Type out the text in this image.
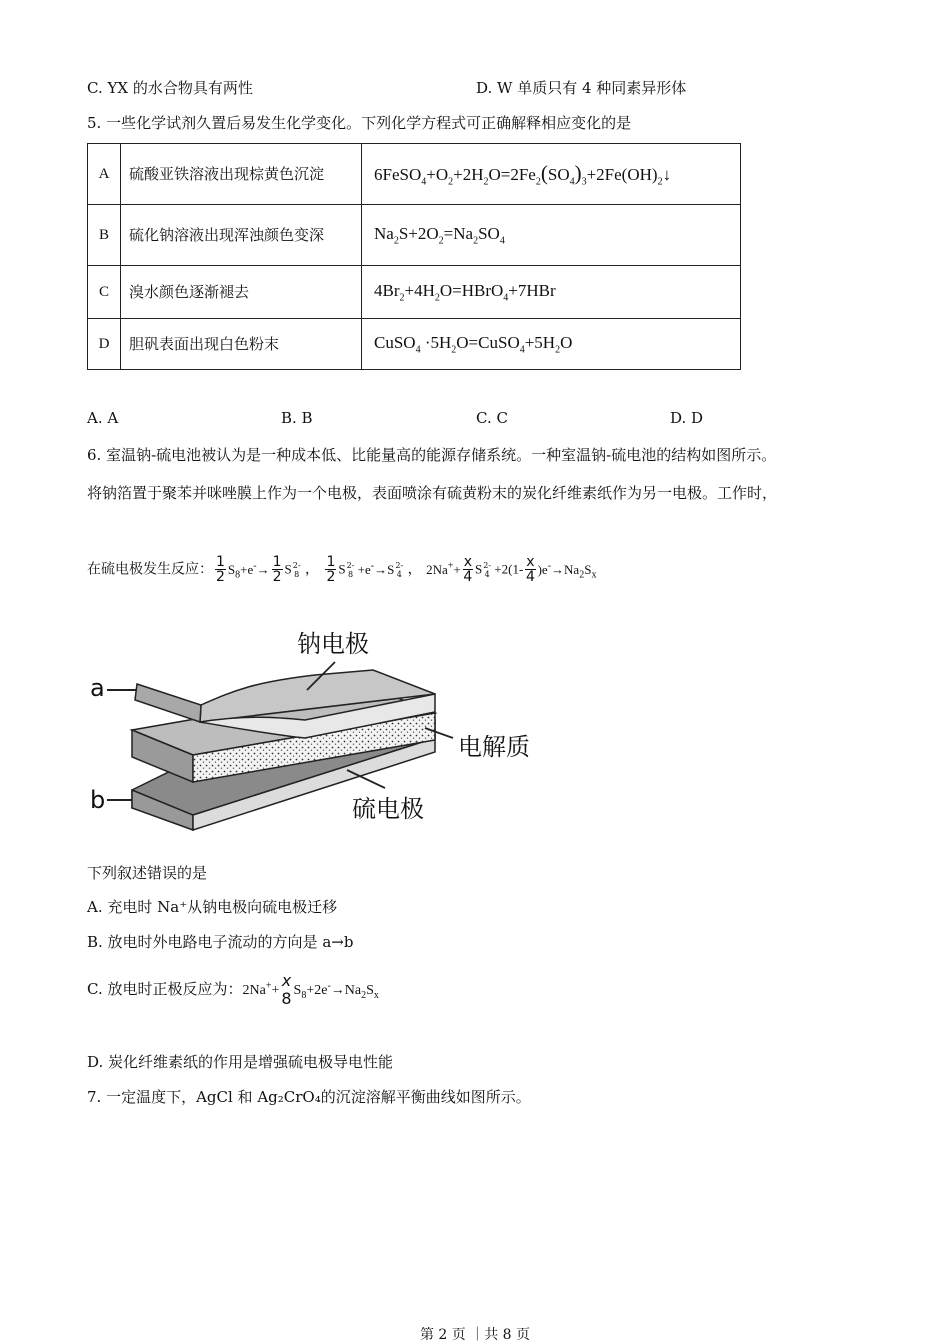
C. YX 的水合物具有两性	D. W 单质只有 4 种同素异形体
5. 一些化学试剂久置后易发生化学变化。下列化学方程式可正确解释相应变化的是
A	硫酸亚铁溶液出现棕黄色沉淀	$6FeSO_4+O_2+2H_2O=2Fe_2(SO_4)_3+2Fe(OH)_2↓$
B	硫化钠溶液出现浑浊颜色变深	$Na_2S+2O_2=Na_2SO_4$
C	溴水颜色逐渐褪去	$4Br_2+4H_2O=HBrO_4+7HBr$
D	胆矾表面出现白色粉末	CuSO$_4$ $\cdot 5H_2O=CuSO_4+5H_2O$
A. A	B. B	C. C	D. D
6. 室温钠-硫电池被认为是一种成本低、比能量高的能源存储系统。一种室温钠-硫电池的结构如图所示。
将钠箔置于聚苯并咪唑膜上作为一个电极，表面喷涂有硫黄粉末的炭化纤维素纸作为另一电极。工作时，
在硫电极发生反应： $\frac{1}{2} S_8+e^-\to \frac{1}{2}$ S 2-
8 ， $\frac{1}{2}$ S 2-
8 +e-→S 2-
4 ， $2Na^++ \frac{x}{4}$ S 2-
$4 +2(1- \frac{x}{4} )e^-\to Na_2S_x$
钠电极
电解质
硫电极
a
b
下列叙述错误的是
A. 充电时 Na⁺从钠电极向硫电极迁移
B. 放电时外电路电子流动的方向是 a→b
C. 放电时正极反应为：2Na++
x
8 $S_8+2e^-\to Na_2S_x$
D. 炭化纤维素纸的作用是增强硫电极导电性能
7. 一定温度下，AgCl 和 Ag₂CrO₄的沉淀溶解平衡曲线如图所示。
第 2 页 ｜共 8 页
